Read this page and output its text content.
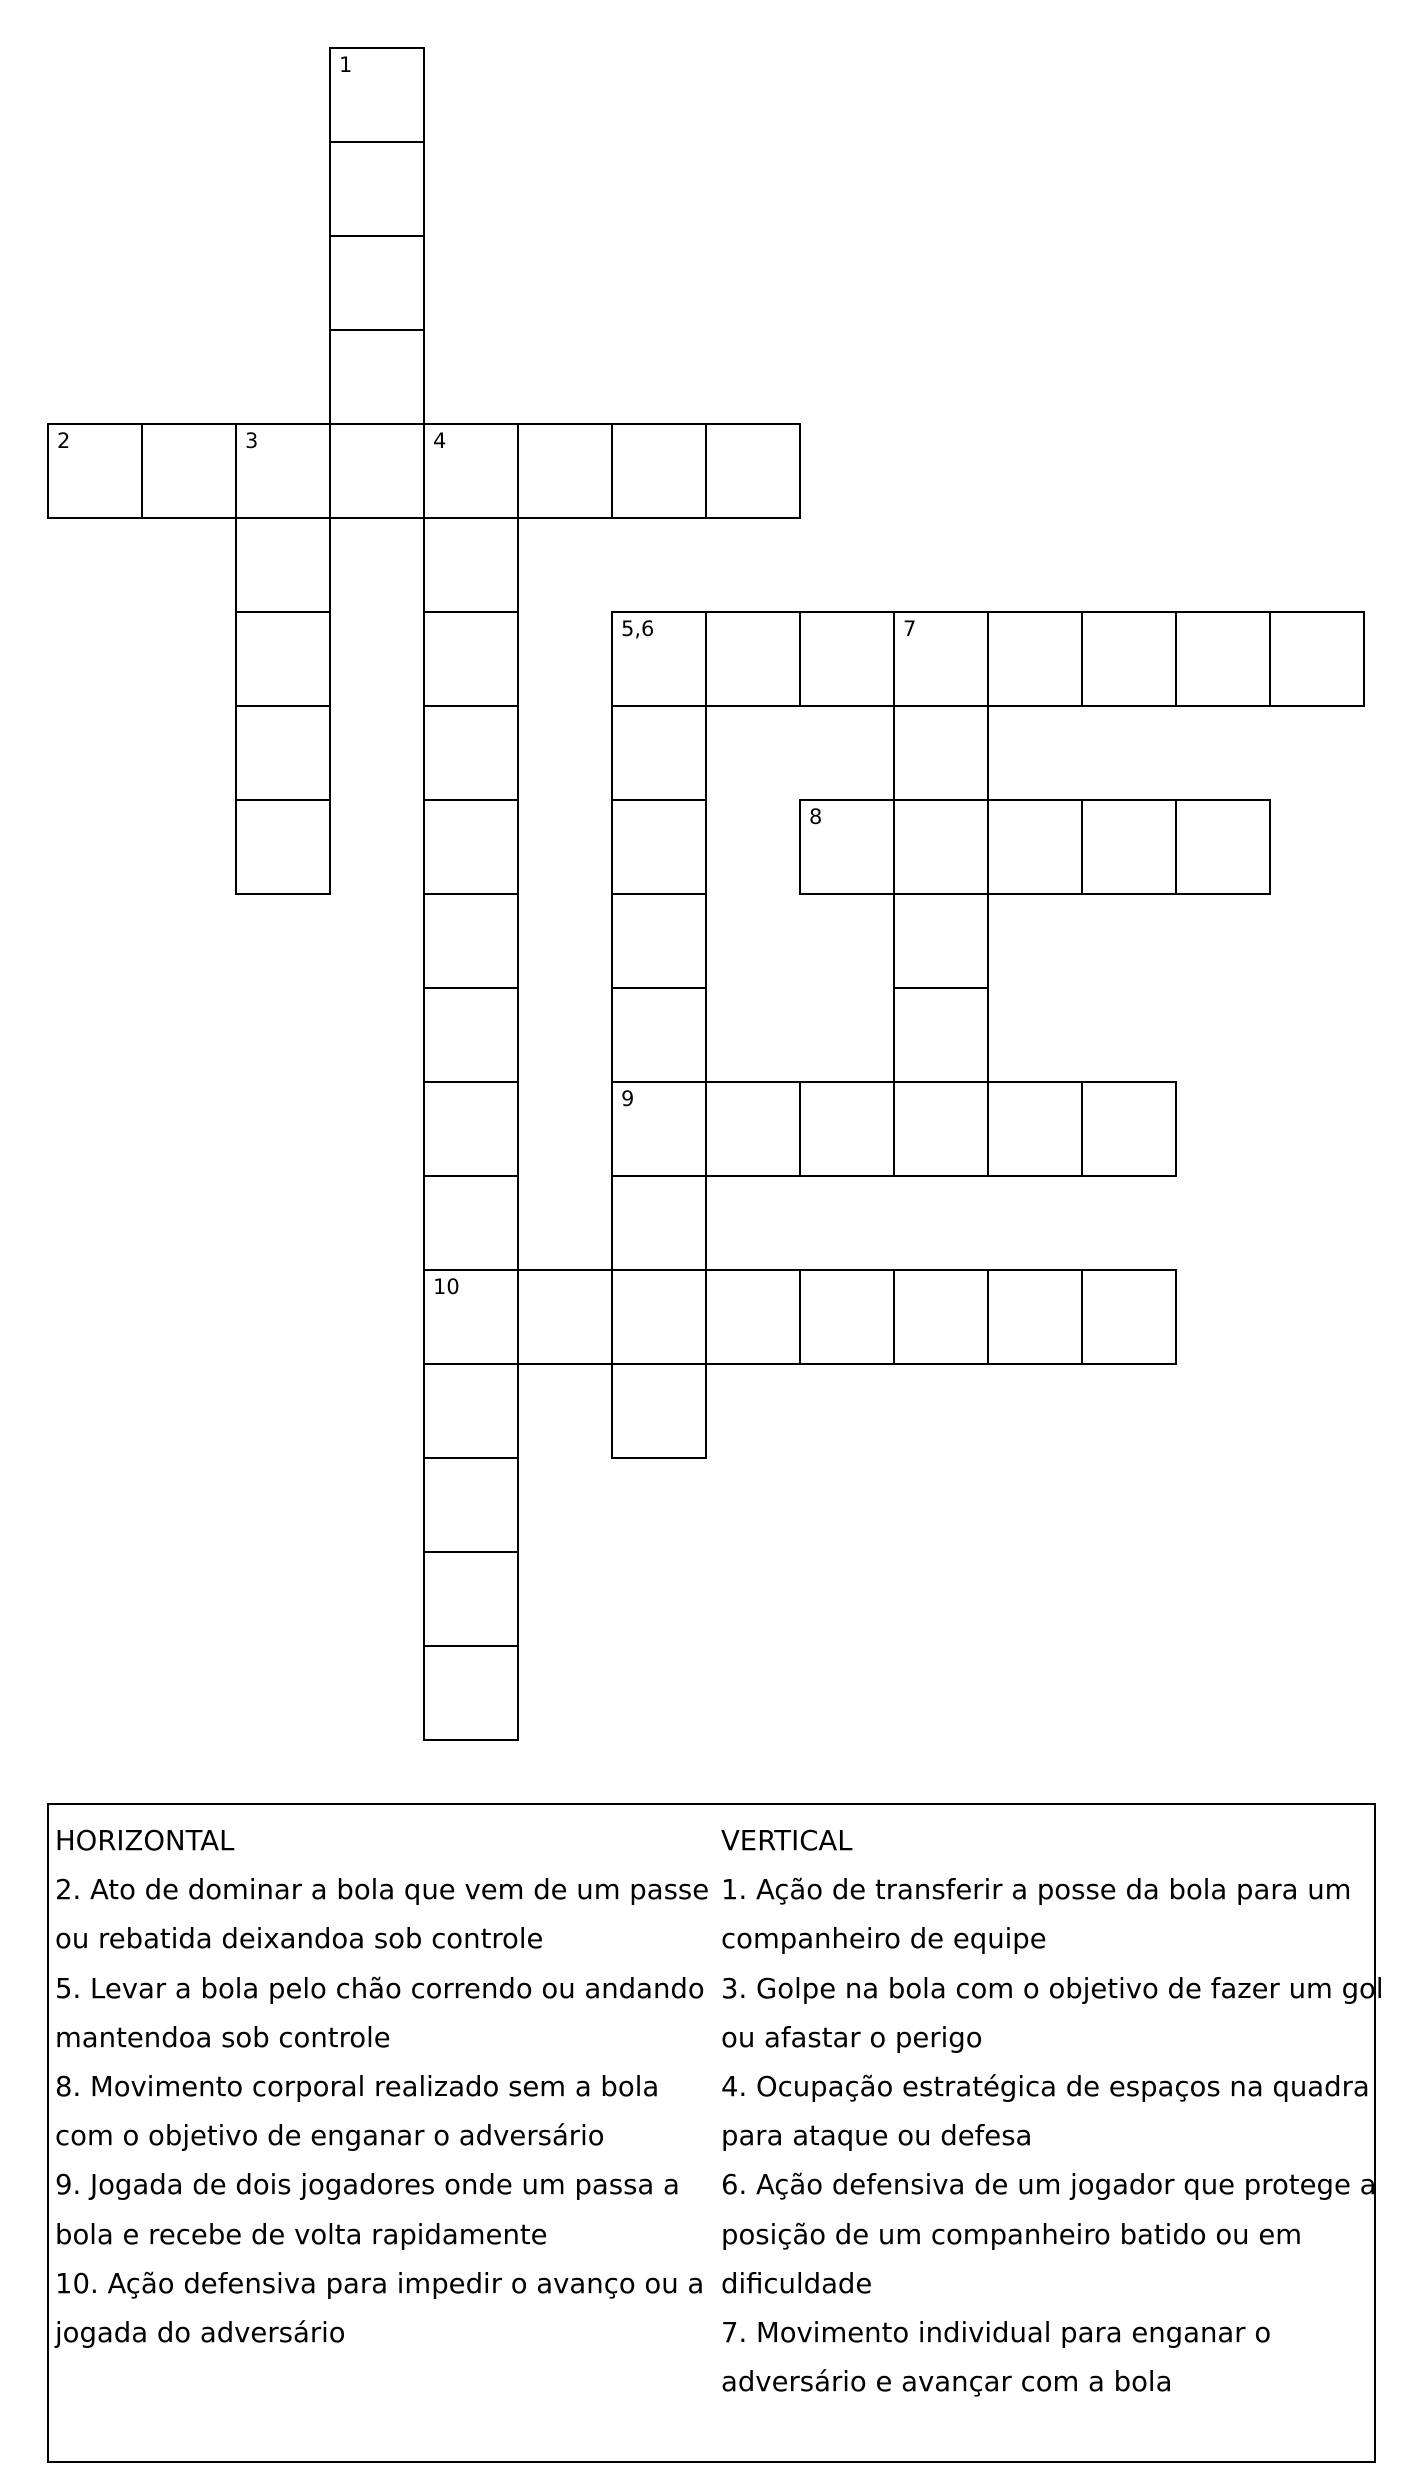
1
2	3	4
10
5,6	7
9
8
HORIZONTAL
2. Ato de dominar a bola que vem de um passe
ou rebatida deixandoa sob controle
5. Levar a bola pelo chão correndo ou andando
mantendoa sob controle
8. Movimento corporal realizado sem a bola
com o objetivo de enganar o adversário
9. Jogada de dois jogadores onde um passa a
bola e recebe de volta rapidamente
10. Ação defensiva para impedir o avanço ou a
jogada do adversário
VERTICAL
1. Ação de transferir a posse da bola para um
companheiro de equipe
3. Golpe na bola com o objetivo de fazer um gol
ou afastar o perigo
4. Ocupação estratégica de espaços na quadra
para ataque ou defesa
6. Ação defensiva de um jogador que protege a
posição de um companheiro batido ou em
dificuldade
7. Movimento individual para enganar o
adversário e avançar com a bola
